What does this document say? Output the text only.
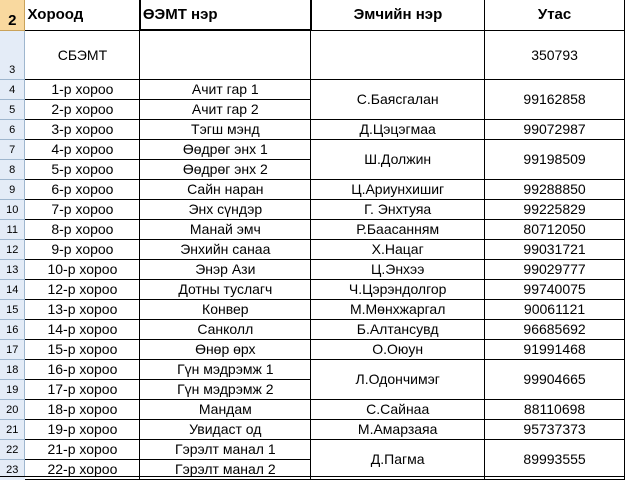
2	Хороод	ӨЭМТ нэр	Эмчийн нэр	Утас
3	СБЭМТ			350793
4	1-р хороо	Ачит гар 1	С.Баясгалан	99162858
5	2-р хороо	Ачит гар 2		
6	3-р хороо	Тэгш мэнд	Д.Цэцэгмаа	99072987
7	4-р хороо	Өөдрөг энх 1	Ш.Должин	99198509
8	5-р хороо	Өөдрөг энх 2		
9	6-р хороо	Сайн наран	Ц.Ариунхишиг	99288850
10	7-р хороо	Энх сүндэр	Г. Энхтуяа	99225829
11	8-р хороо	Манай эмч	Р.Баасанням	80712050
12	9-р хороо	Энхийн санаа	Х.Нацаг	99031721
13	10-р хороо	Энэр Ази	Ц.Энхээ	99029777
14	12-р хороо	Дотны туслагч	Ч.Цэрэндолгор	99740075
15	13-р хороо	Конвер	М.Мөнхжаргал	90061121
16	14-р хороо	Санколл	Б.Алтансувд	96685692
17	15-р хороо	Өнөр өрх	О.Оюун	91991468
18	16-р хороо	Гүн мэдрэмж 1	Л.Одончимэг	99904665
19	17-р хороо	Гүн мэдрэмж 2		
20	18-р хороо	Мандам	С.Сайнаа	88110698
21	19-р хороо	Увидаст од	М.Амарзаяа	95737373
22	21-р хороо	Гэрэлт манал 1	Д.Пагма	89993555
23	22-р хороо	Гэрэлт манал 2		
